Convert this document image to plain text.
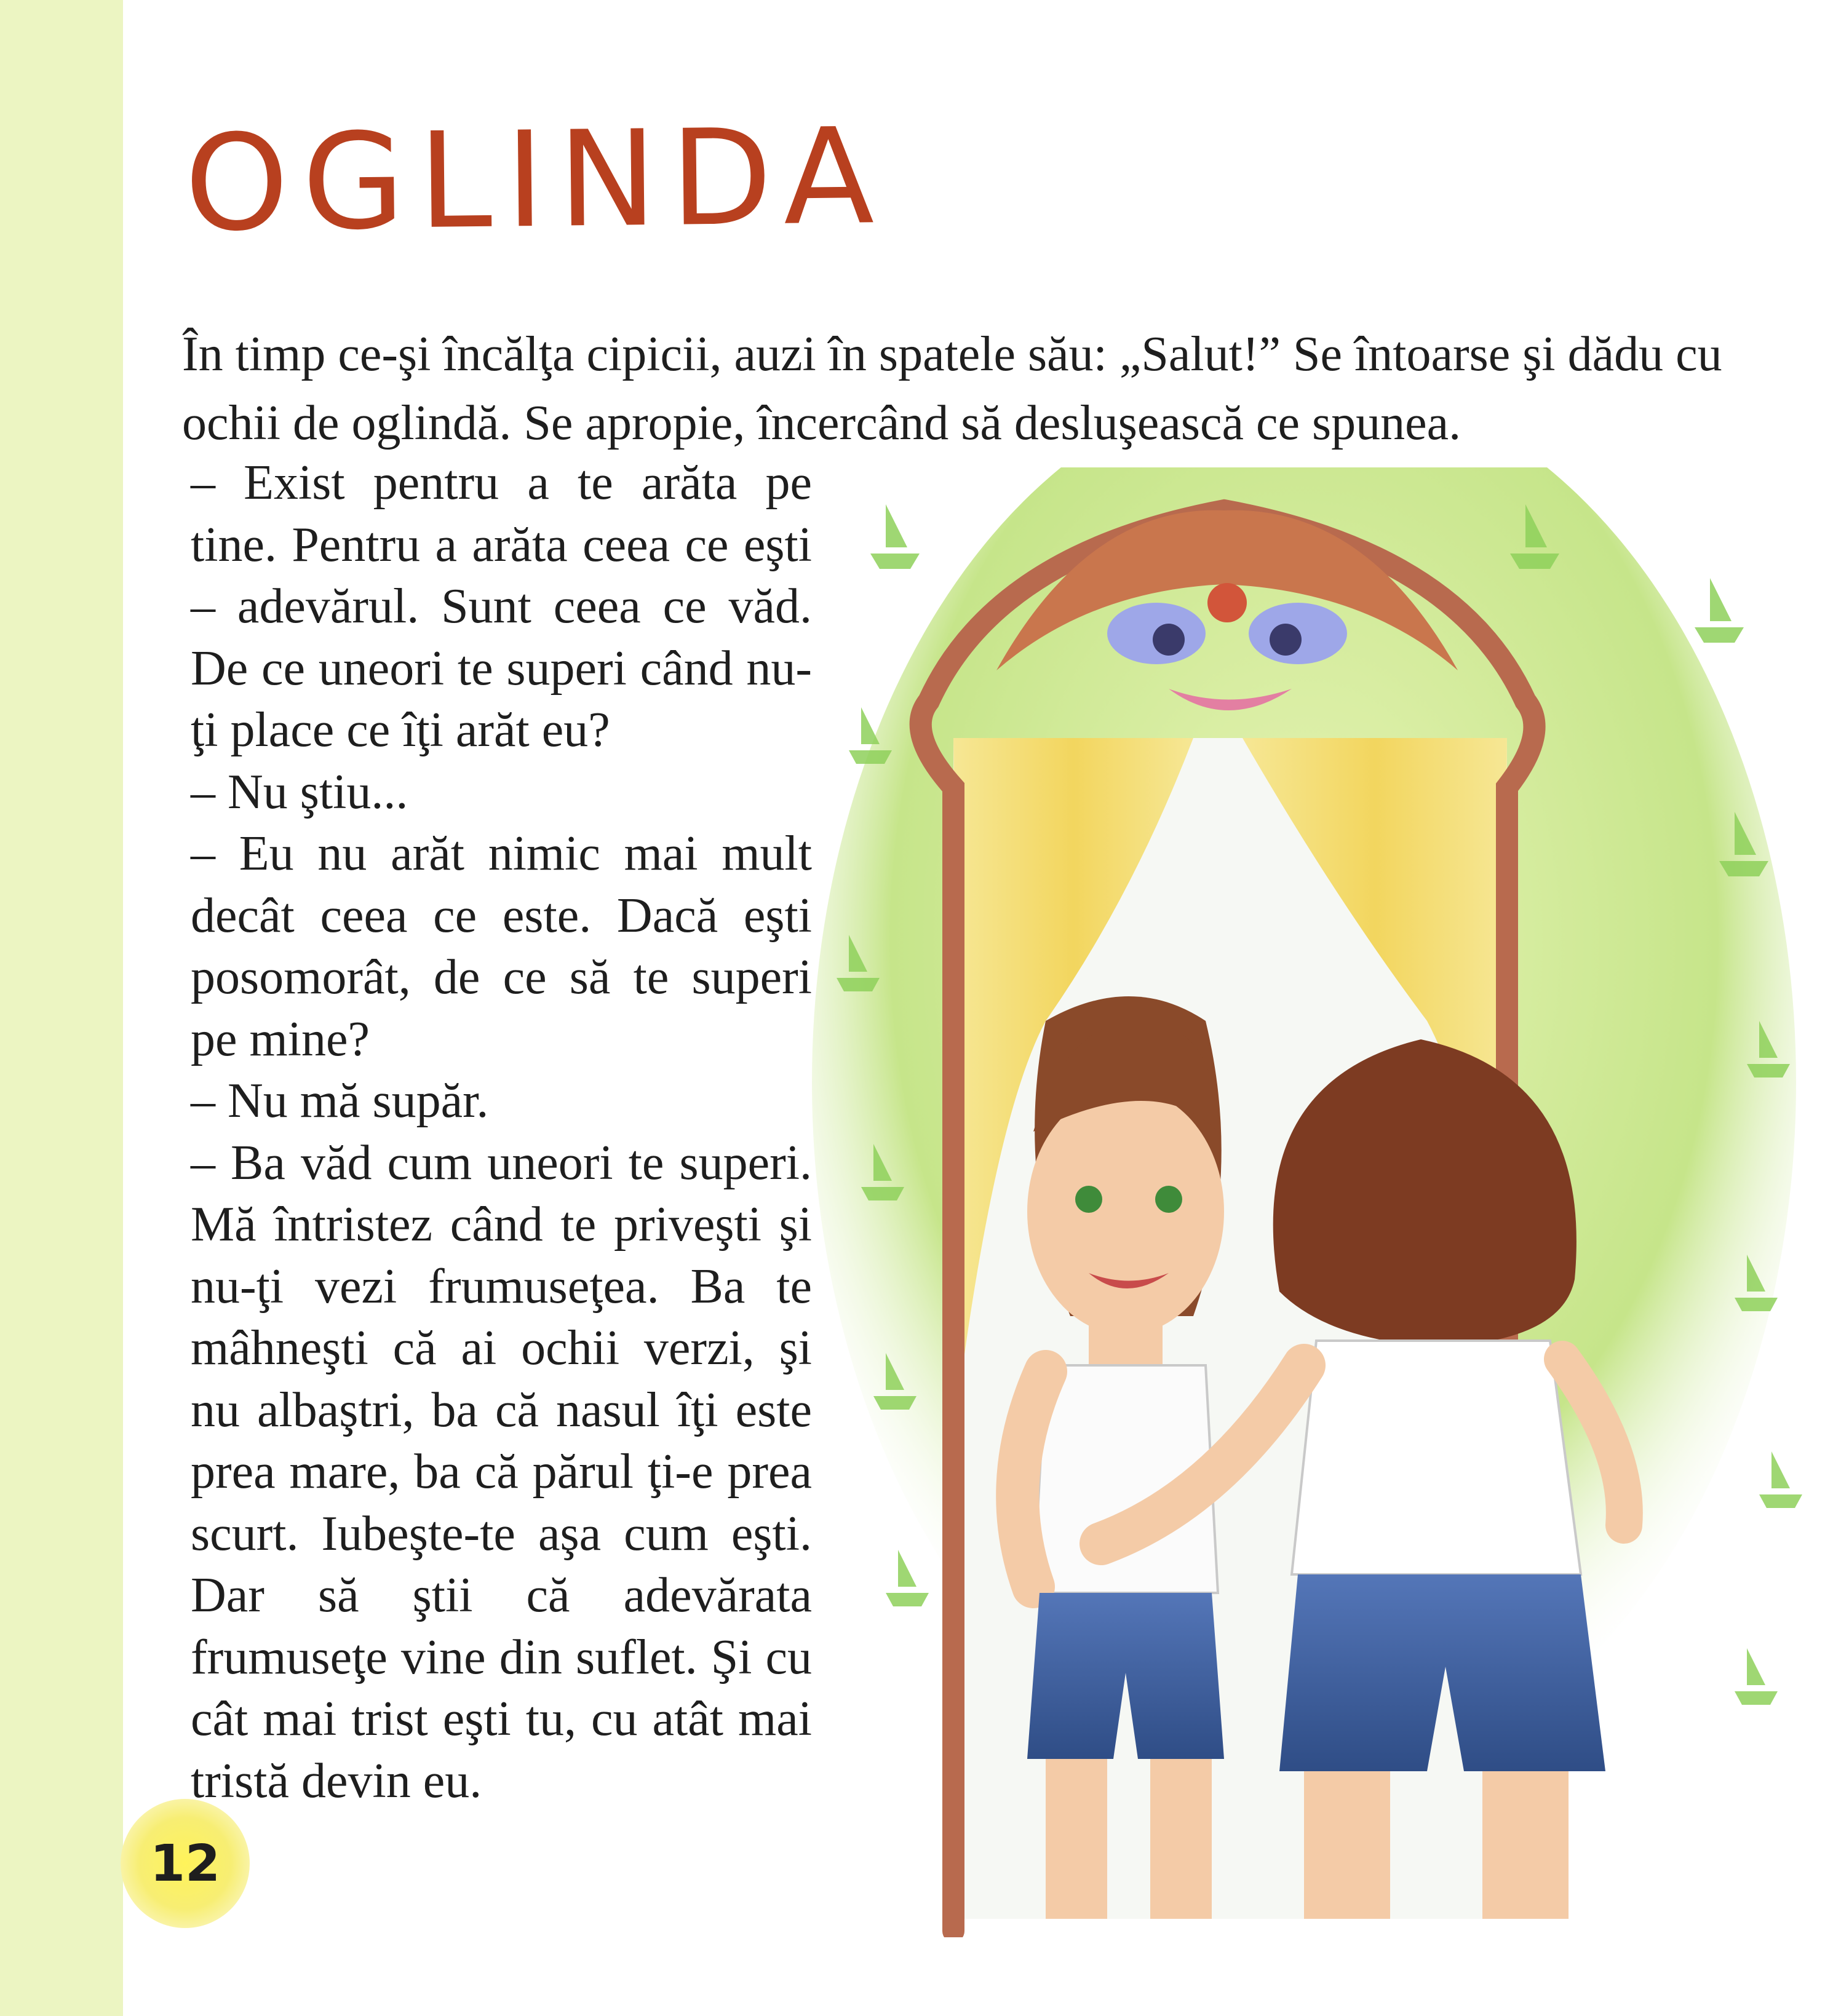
OGLINDA

În timp ce-şi încălţa cipicii, auzi în spatele său: „Salut!” Se întoarse şi dădu cu ochii de oglindă. Se apropie, încercând să desluşească ce spunea.

– Exist pentru a te arăta pe tine. Pentru a arăta ceea ce eşti – adevărul. Sunt ceea ce văd. De ce uneori te superi când nu-ţi place ce îţi arăt eu?

– Nu ştiu...

– Eu nu arăt nimic mai mult decât ceea ce este. Dacă eşti posomorât, de ce să te superi pe mine?

– Nu mă supăr.

– Ba văd cum uneori te superi. Mă întristez când te priveşti şi nu-ţi vezi frumuseţea. Ba te mâhneşti că ai ochii verzi, şi nu albaştri, ba că nasul îţi este prea mare, ba că părul ţi-e prea scurt. Iubeşte-te aşa cum eşti. Dar să ştii că adevărata frumuseţe vine din suflet. Şi cu cât mai trist eşti tu, cu atât mai tristă devin eu.

12
